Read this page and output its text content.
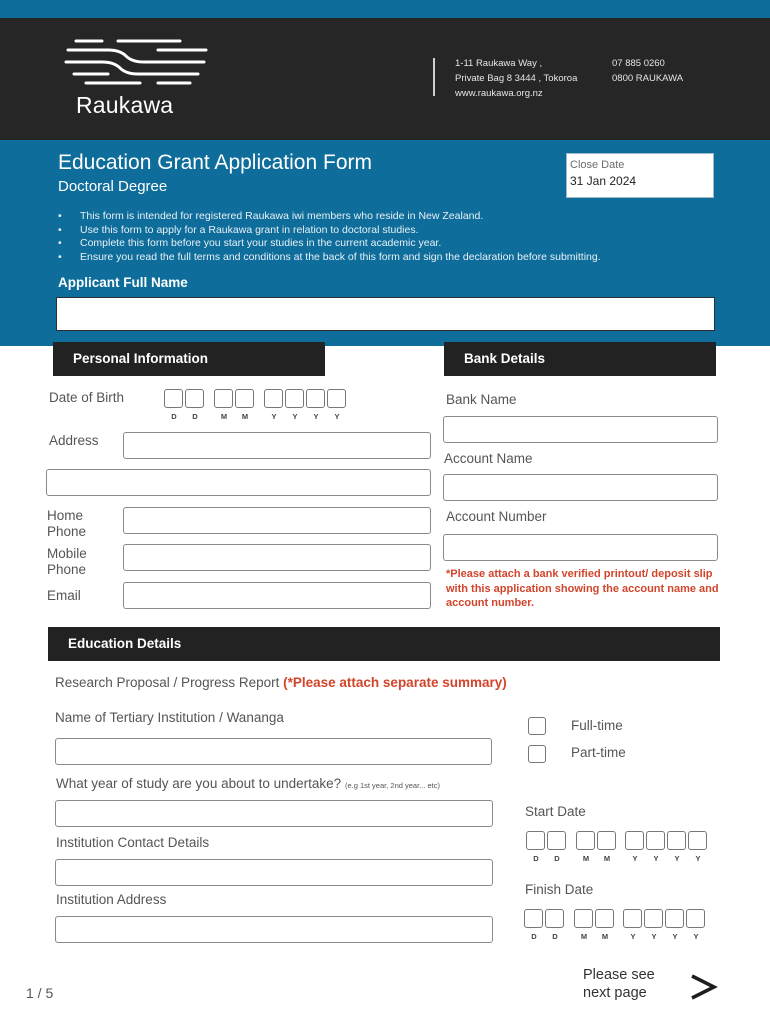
Raukawa
1-11 Raukawa Way ,
Private Bag 8 3444 , Tokoroa
www.raukawa.org.nz
07 885 0260
0800 RAUKAWA
Education Grant Application Form
Doctoral Degree
Close Date
31 Jan 2024
• This form is intended for registered Raukawa iwi members who reside in New Zealand.
• Use this form to apply for a Raukawa grant in relation to doctoral studies.
• Complete this form before you start your studies in the current academic year.
• Ensure you read the full terms and conditions at the back of this form and sign the declaration before submitting.
Applicant Full Name
Personal Information
Date of Birth
D	D	M M	Y	Y	Y	Y
Address
Home
Phone
Mobile
Phone
Email
Bank Details
Bank Name
Account Name
Account Number
*Please attach a bank verified printout/ deposit slip with this application showing the account name and account number.
Education Details
Research Proposal / Progress Report (*Please attach separate summary)
Name of Tertiary Institution / Wananga
Full-time
Part-time
What year of study are you about to undertake? (e.g 1st year, 2nd year... etc)
Start Date
D	D	M M	Y	Y	Y	Y
Institution Contact Details
Finish Date
D	D	M M	Y	Y	Y	Y
Institution Address
1 / 5
Please see
next page
